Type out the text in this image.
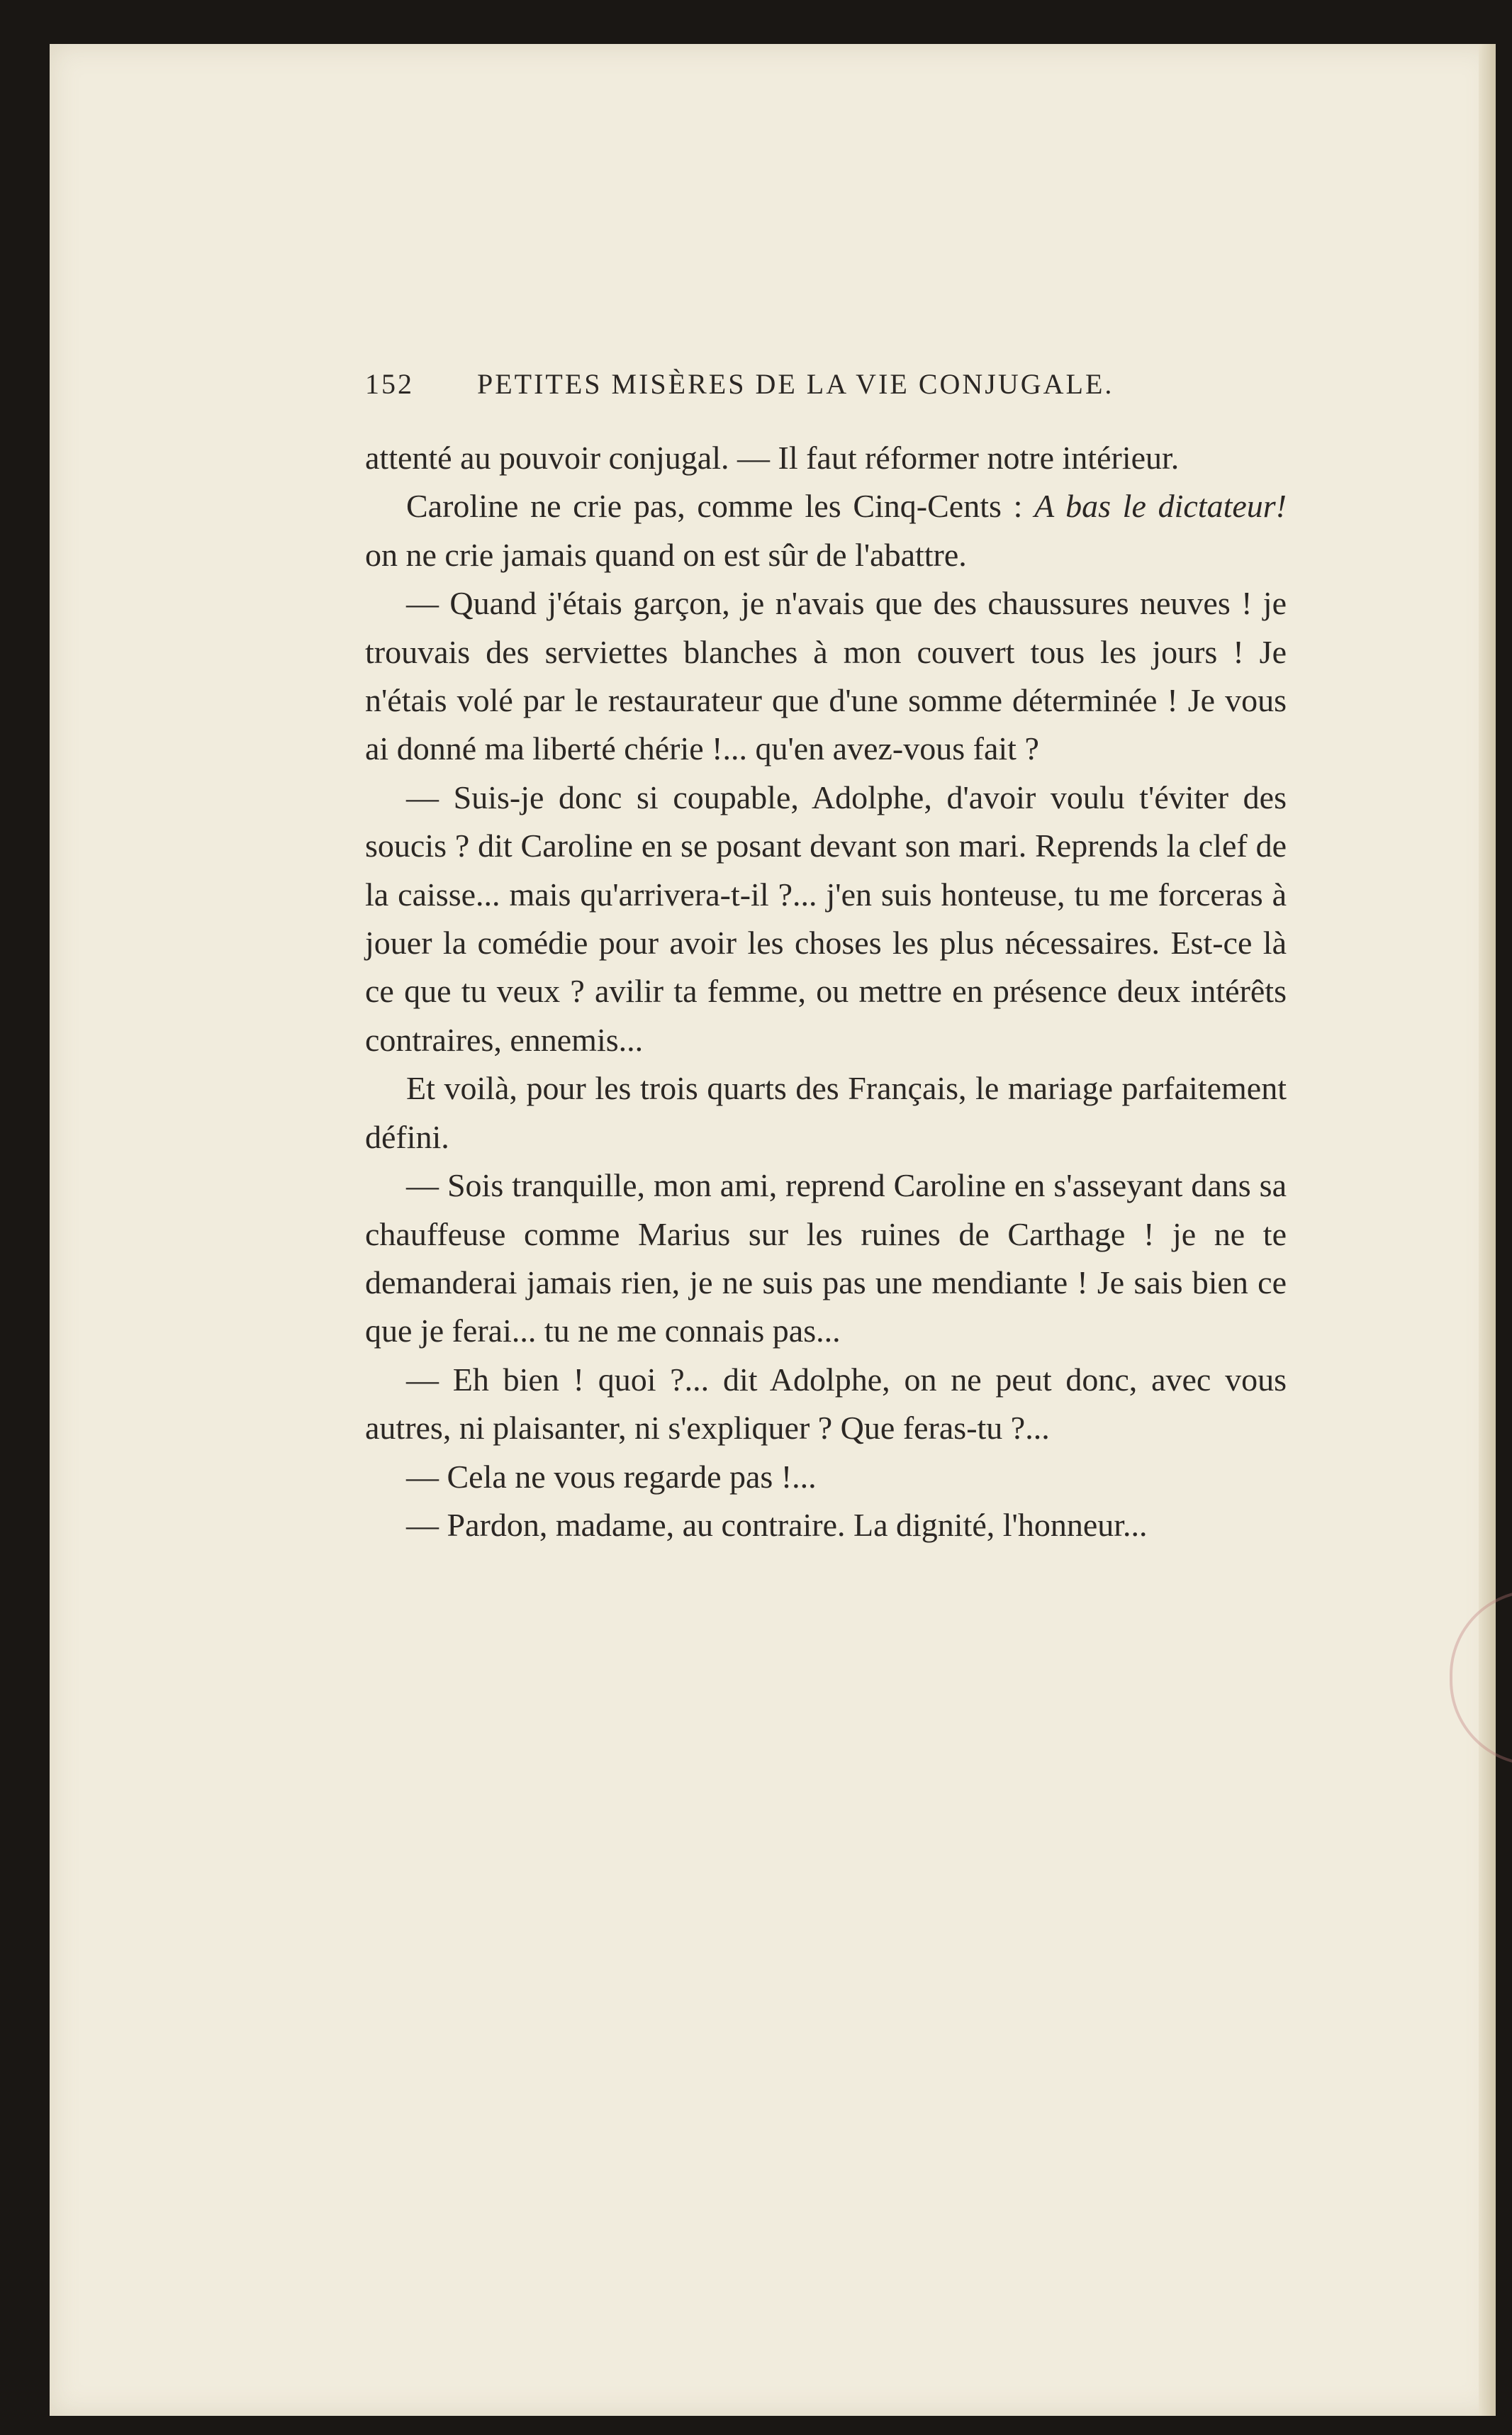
152 PETITES MISÈRES DE LA VIE CONJUGALE.

attenté au pouvoir conjugal. — Il faut réformer notre intérieur.

Caroline ne crie pas, comme les Cinq-Cents : A bas le dictateur! on ne crie jamais quand on est sûr de l'abattre.

— Quand j'étais garçon, je n'avais que des chaussures neuves ! je trouvais des serviettes blanches à mon couvert tous les jours ! Je n'étais volé par le restaurateur que d'une somme déterminée ! Je vous ai donné ma liberté chérie !... qu'en avez-vous fait ?

— Suis-je donc si coupable, Adolphe, d'avoir voulu t'éviter des soucis ? dit Caroline en se posant devant son mari. Reprends la clef de la caisse... mais qu'arrivera-t-il ?... j'en suis honteuse, tu me forceras à jouer la comédie pour avoir les choses les plus nécessaires. Est-ce là ce que tu veux ? avilir ta femme, ou mettre en présence deux intérêts contraires, ennemis...

Et voilà, pour les trois quarts des Français, le mariage parfaitement défini.

— Sois tranquille, mon ami, reprend Caroline en s'asseyant dans sa chauffeuse comme Marius sur les ruines de Carthage ! je ne te demanderai jamais rien, je ne suis pas une mendiante ! Je sais bien ce que je ferai... tu ne me connais pas...

— Eh bien ! quoi ?... dit Adolphe, on ne peut donc, avec vous autres, ni plaisanter, ni s'expliquer ? Que feras-tu ?...

— Cela ne vous regarde pas !...

— Pardon, madame, au contraire. La dignité, l'honneur...
